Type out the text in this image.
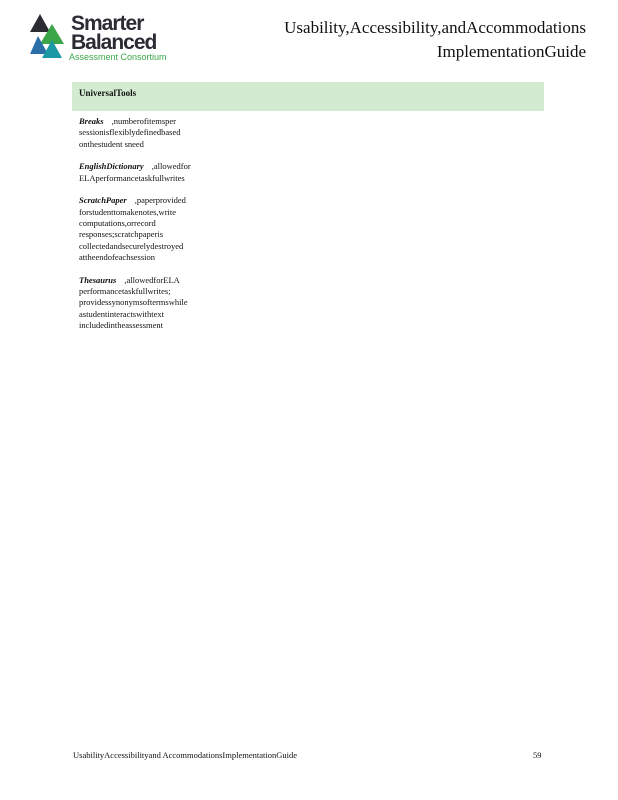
Smarter
Balanced
Assessment Consortium
Usability,Accessibility,andAccommodations
ImplementationGuide
UniversalTools
Breaks ,numberofitemsper sessionisflexiblydefinedbased onthestudent sneed
EnglishDictionary ,allowedfor ELAperformancetaskfullwrites
ScratchPaper ,paperprovided forstudenttomakenotes,write computations,orrecord responses;scratchpaperis collectedandsecurelydestroyed attheendofeachsession
Thesaurus ,allowedforELA performancetaskfullwrites; providessynonymsoftermswhile astudentinteractswithtext includedintheassessment
UsabilityAccessibilityand AccommodationsImplementationGuide	59
